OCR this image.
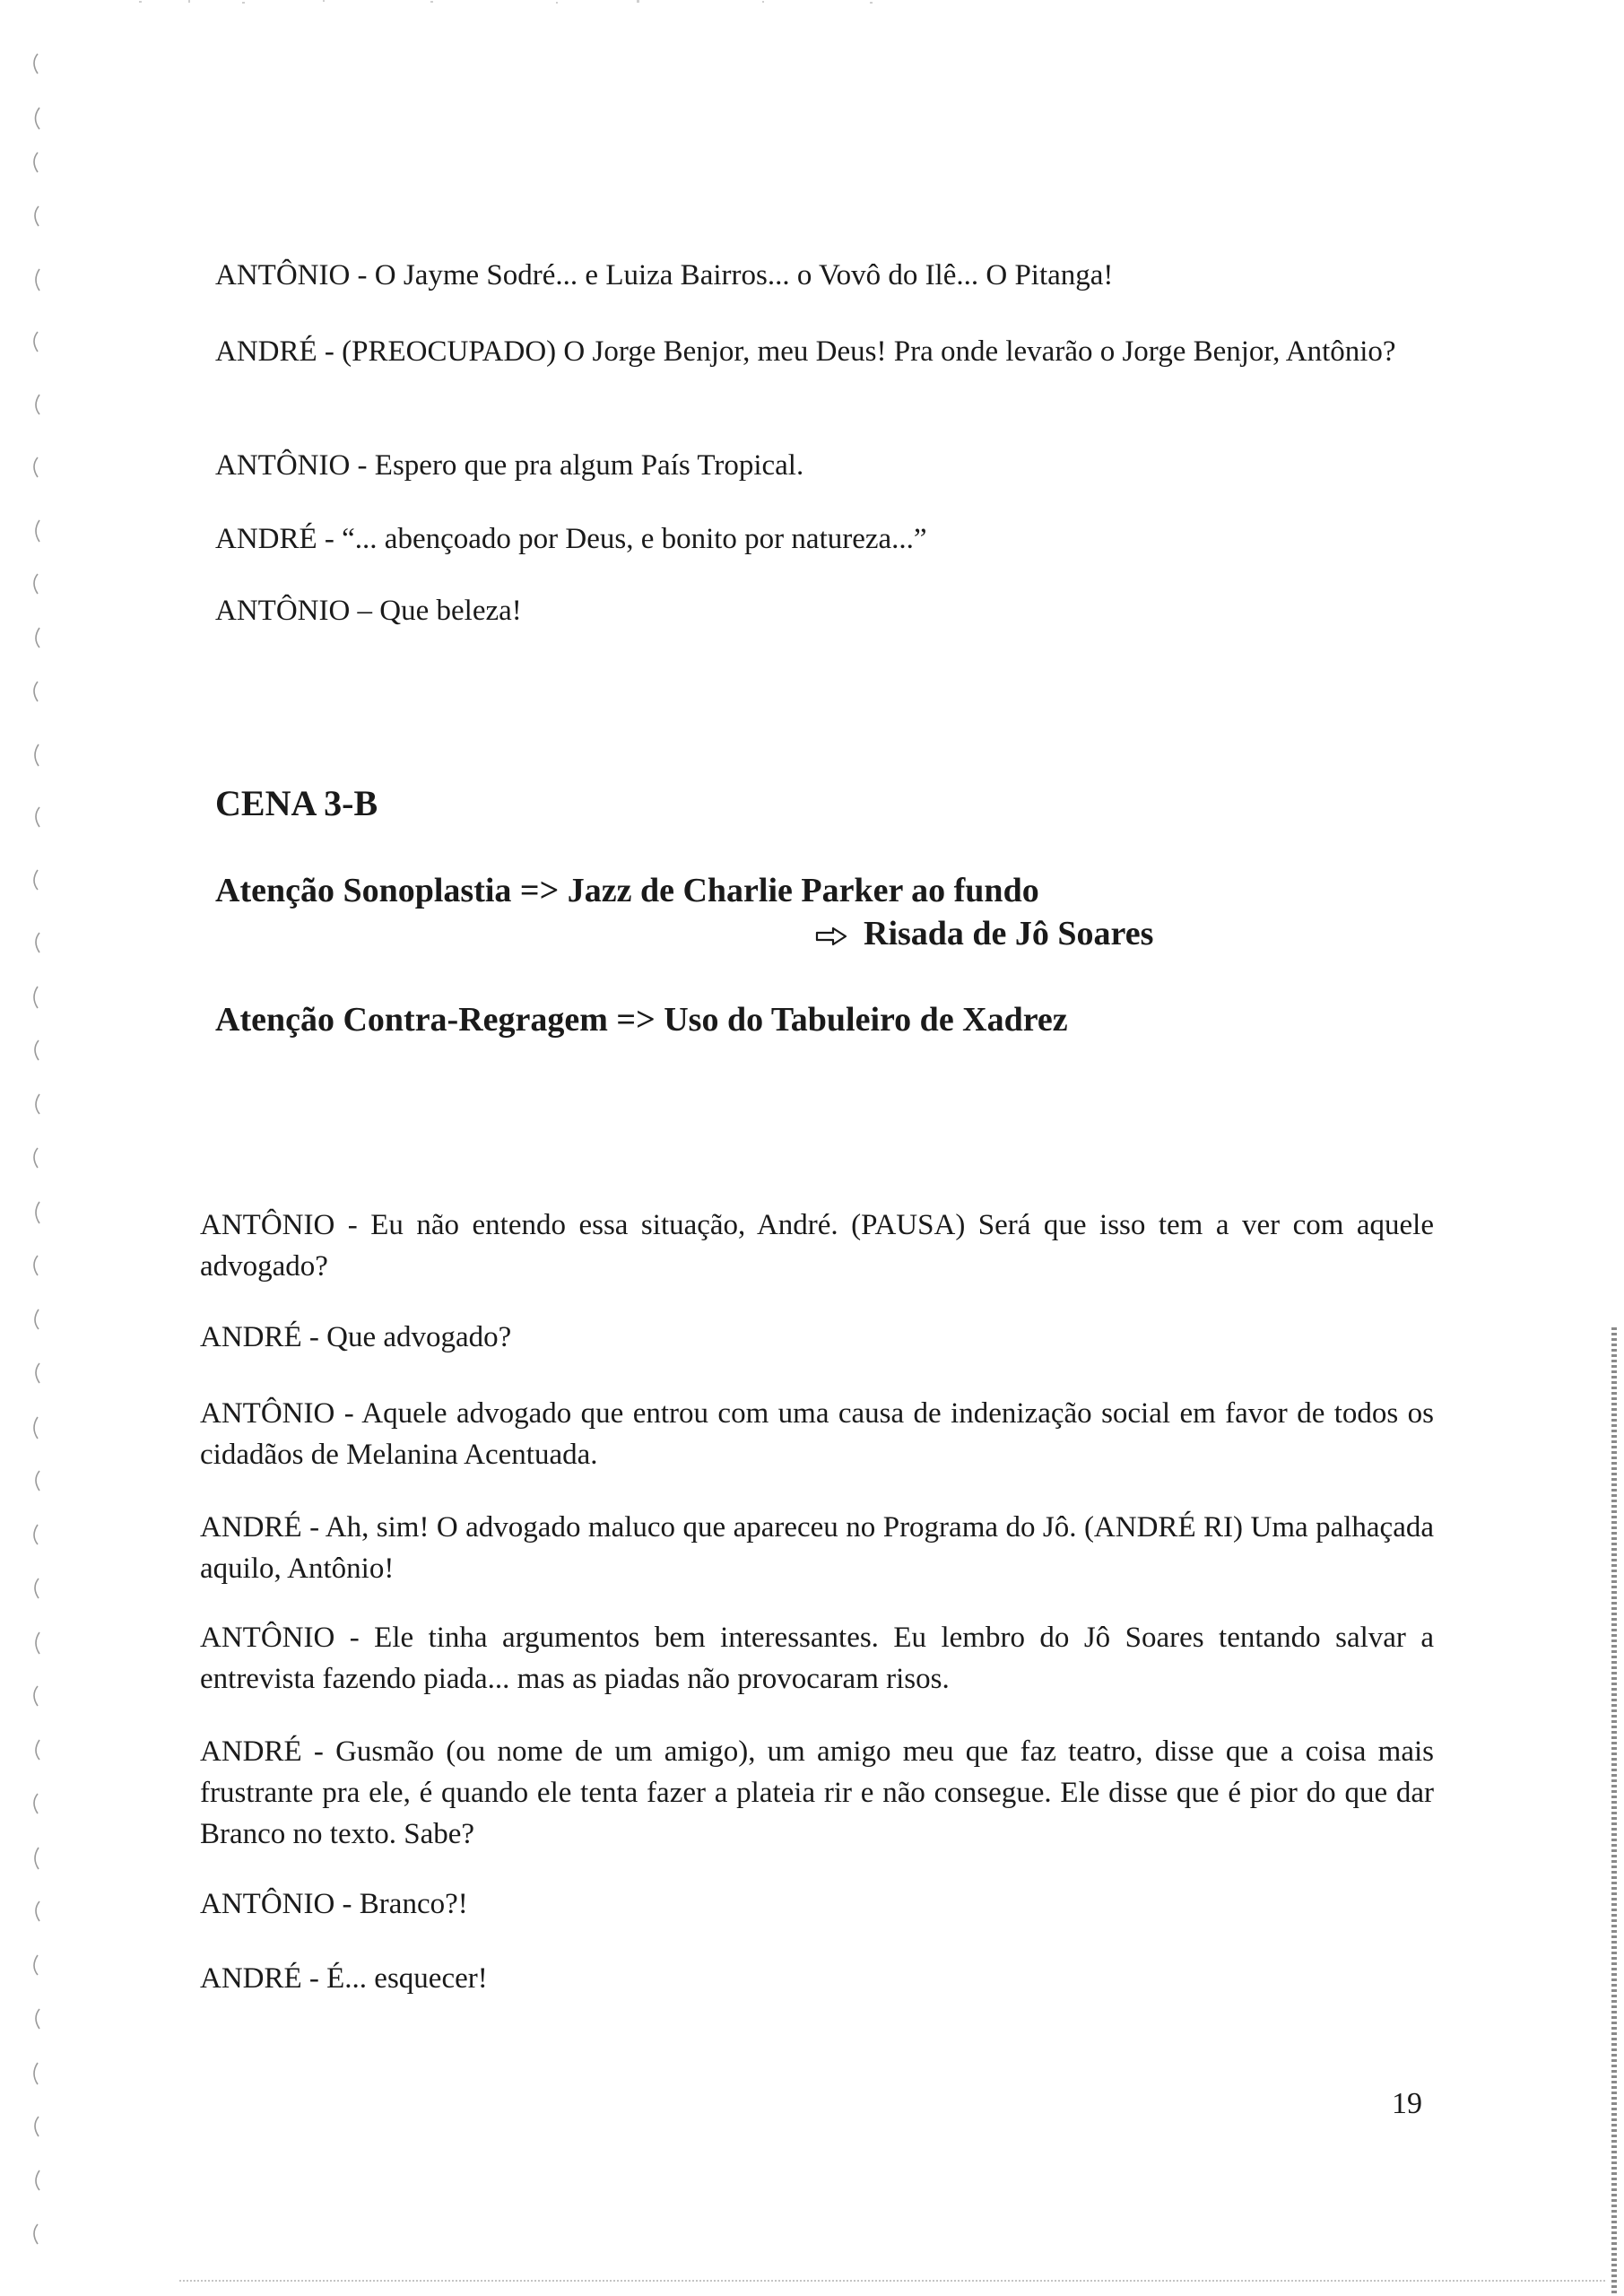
ANTÔNIO - O Jayme Sodré... e Luiza Bairros... o Vovô do Ilê... O Pitanga!

ANDRÉ - (PREOCUPADO) O Jorge Benjor, meu Deus! Pra onde levarão o Jorge Benjor, Antônio?

ANTÔNIO - Espero que pra algum País Tropical.

ANDRÉ - “... abençoado por Deus, e bonito por natureza...”

ANTÔNIO – Que beleza!

CENA 3-B
Atenção Sonoplastia => Jazz de Charlie Parker ao fundo
Risada de Jô Soares
Atenção Contra-Regragem => Uso do Tabuleiro de Xadrez

ANTÔNIO - Eu não entendo essa situação, André. (PAUSA) Será que isso tem a ver com aquele advogado?

ANDRÉ - Que advogado?

ANTÔNIO - Aquele advogado que entrou com uma causa de indenização social em favor de todos os cidadãos de Melanina Acentuada.

ANDRÉ - Ah, sim! O advogado maluco que apareceu no Programa do Jô. (ANDRÉ RI) Uma palhaçada aquilo, Antônio!

ANTÔNIO - Ele tinha argumentos bem interessantes. Eu lembro do Jô Soares tentando salvar a entrevista fazendo piada... mas as piadas não provocaram risos.

ANDRÉ - Gusmão (ou nome de um amigo), um amigo meu que faz teatro, disse que a coisa mais frustrante pra ele, é quando ele tenta fazer a plateia rir e não consegue. Ele disse que é pior do que dar Branco no texto. Sabe?

ANTÔNIO - Branco?!

ANDRÉ - É... esquecer!

19
